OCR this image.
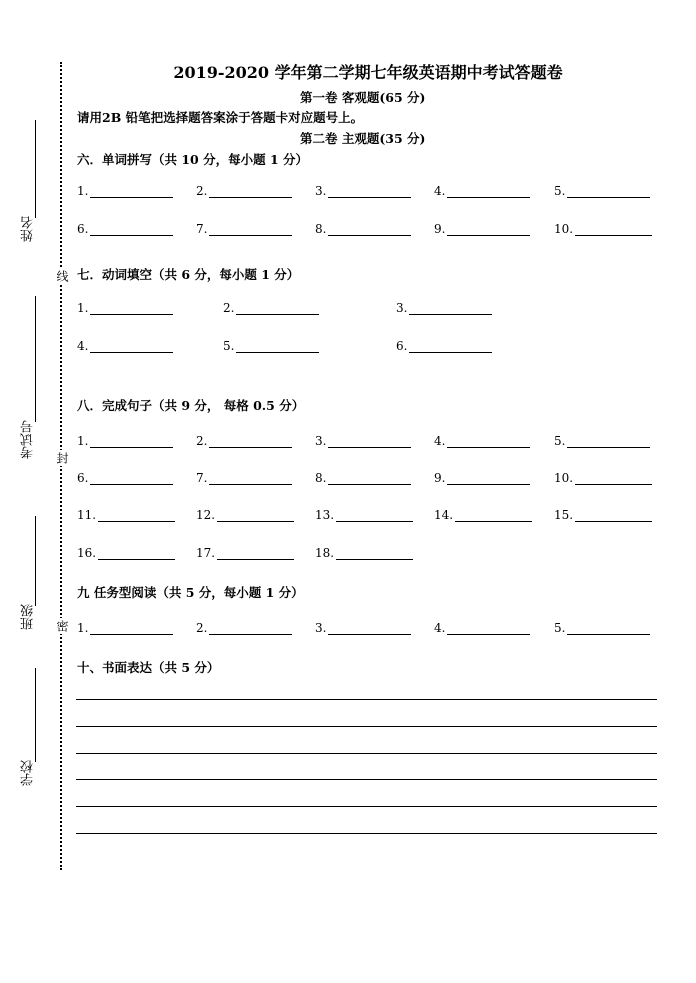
姓名
考试号
班级
学校
线
封
密
2019-2020 学年第二学期七年级英语期中考试答题卷
第一卷 客观题(65 分)
请用2B 铅笔把选择题答案涂于答题卡对应题号上。
第二卷 主观题(35 分)
六．单词拼写（共 10 分，每小题 1 分）
七．动词填空（共 6 分，每小题 1 分）
八．完成句子（共 9 分， 每格 0.5 分）
九 任务型阅读（共 5 分，每小题 1 分）
十、书面表达（共 5 分）
1.	2.	3.	4.	5.
6.	7.	8.	9.	10.
1.	2.	3.
4.	5.	6.
1.	2.	3.	4.	5.
6.	7.	8.	9.	10.
11.	12.	13.	14.	15.
16.	17.	18.
1.	2.	3.	4.	5.
